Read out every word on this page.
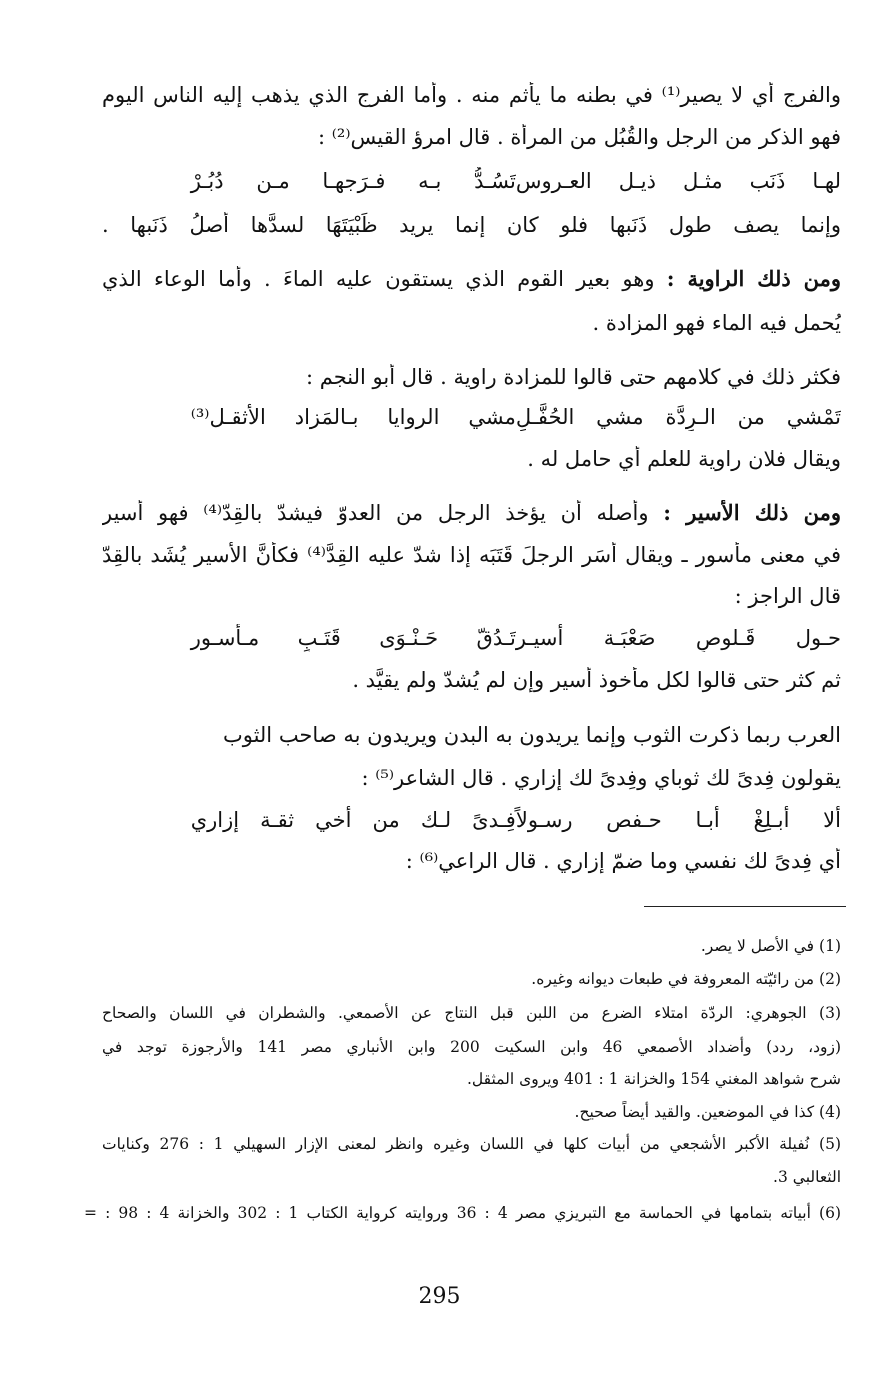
والفرج أي لا يصير⁽¹⁾ في بطنه ما يأثم منه . وأما الفرج الذي يذهب إليه الناس اليوم
فهو الذكر من الرجل والقُبُل من المرأة . قال امرؤ القيس⁽²⁾ :
لهـا ذَنَب مثـل ذيـل العـروستَسُـدُّ بـه فـرَجهـا مـن دُبُـرْ
وإنما يصف طول ذَنَبها فلو كان إنما يريد ظَبْيَتَهَا لسدَّها أصلُ ذَنَبها .
ومن ذلك الراوية : وهو بعير القوم الذي يستقون عليه الماءَ . وأما الوعاء الذي
يُحمل فيه الماء فهو المزادة .
فكثر ذلك في كلامهم حتى قالوا للمزادة راوية . قال أبو النجم :
تَمْشي من الـرِدَّة مشي الحُفَّـلِمشي الروايا بـالمَزاد الأثقـل⁽³⁾
ويقال فلان راوية للعلم أي حامل له .
ومن ذلك الأسير : وأصله أن يؤخذ الرجل من العدوّ فيشدّ بالقِدّ⁽⁴⁾ فهو أسير
في معنى مأسور ـ ويقال أَسَر الرجلَ قَتَبَه إذا شدّ عليه القِدَّ⁽⁴⁾ فكأنَّ الأسير يُشَد بالقِدّ
قال الراجز :
حـول قَـلوصٍ صَعْبَـة أسيـرتَـدُقّ حَـنْـوَى قَتَـبٍ مـأسـور
ثم كثر حتى قالوا لكل مأخوذ أسير وإن لم يُشدّ ولم يقيَّد .
العرب ربما ذكرت الثوب وإنما يريدون به البدن ويريدون به صاحب الثوب
يقولون فِدىً لك ثوباي وفِدىً لك إزاري . قال الشاعر⁽⁵⁾ :
ألا أبـلِغْ أبـا حـفص رسـولاًفِـدىً لـك من أخي ثقـة إزاري
أي فِدىً لك نفسي وما ضمّ إزاري . قال الراعي⁽⁶⁾ :
(1) في الأصل لا يصر.
(2) من رائيّته المعروفة في طبعات ديوانه وغيره.
(3) الجوهري: الردّة امتلاء الضرع من اللبن قبل النتاج عن الأصمعي. والشطران في اللسان والصحاح
(زود، ردد) وأضداد الأصمعي 46 وابن السكيت 200 وابن الأنباري مصر 141 والأرجوزة توجد في
شرح شواهد المغني 154 والخزانة 1 : 401 ويروى المثقل.
(4) كذا في الموضعين. والقيد أيضاً صحيح.
(5) نُفيلة الأكبر الأشجعي من أبيات كلها في اللسان وغيره وانظر لمعنى الإزار السهيلي 1 : 276 وكنايات
الثعالبي 3.
(6) أبياته بتمامها في الحماسة مع التبريزي مصر 4 : 36 وروايته كرواية الكتاب 1 : 302 والخزانة 4 : 98 : =
295
